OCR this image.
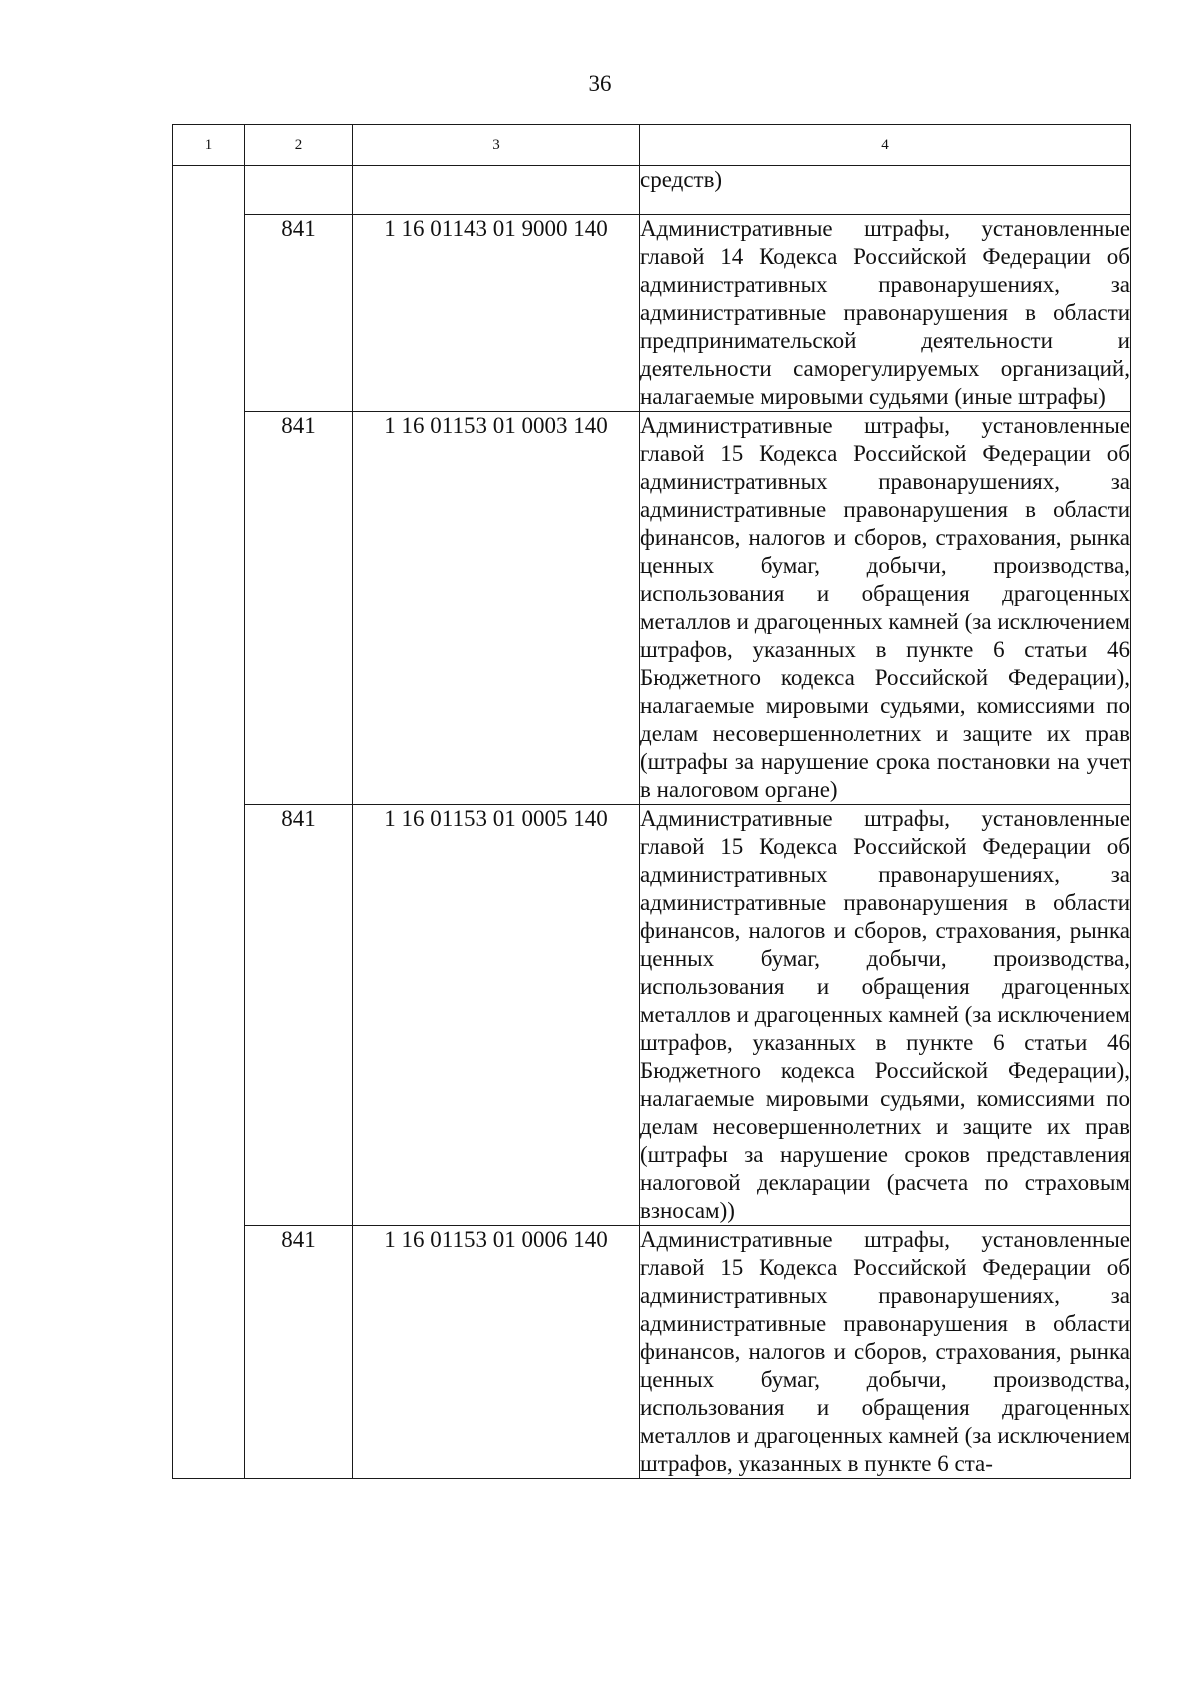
36
1	2	3	4
			средств)
	841	1 16 01143 01 9000 140	Административные штрафы, установленные главой 14 Кодекса Российской Федерации об административных правонарушениях, за административные правонарушения в области предпринимательской деятельности и деятельности саморегулируемых организаций, налагаемые мировыми судьями (иные штрафы)
	841	1 16 01153 01 0003 140	Административные штрафы, установленные главой 15 Кодекса Российской Федерации об административных правонарушениях, за административные правонарушения в области финансов, налогов и сборов, страхования, рынка ценных бумаг, добычи, производства, использования и обращения драгоценных металлов и драгоценных камней (за исключением штрафов, указанных в пункте 6 статьи 46 Бюджетного кодекса Российской Федерации), налагаемые мировыми судьями, комиссиями по делам несовершеннолетних и защите их прав (штрафы за нарушение срока постановки на учет в налоговом органе)
	841	1 16 01153 01 0005 140	Административные штрафы, установленные главой 15 Кодекса Российской Федерации об административных правонарушениях, за административные правонарушения в области финансов, налогов и сборов, страхования, рынка ценных бумаг, добычи, производства, использования и обращения драгоценных металлов и драгоценных камней (за исключением штрафов, указанных в пункте 6 статьи 46 Бюджетного кодекса Российской Федерации), налагаемые мировыми судьями, комиссиями по делам несовершеннолетних и защите их прав (штрафы за нарушение сроков представления налоговой декларации (расчета по страховым взносам))
	841	1 16 01153 01 0006 140	Административные штрафы, установленные главой 15 Кодекса Российской Федерации об административных правонарушениях, за административные правонарушения в области финансов, налогов и сборов, страхования, рынка ценных бумаг, добычи, производства, использования и обращения драгоценных металлов и драгоценных камней (за исключением штрафов, указанных в пункте 6 ста-
